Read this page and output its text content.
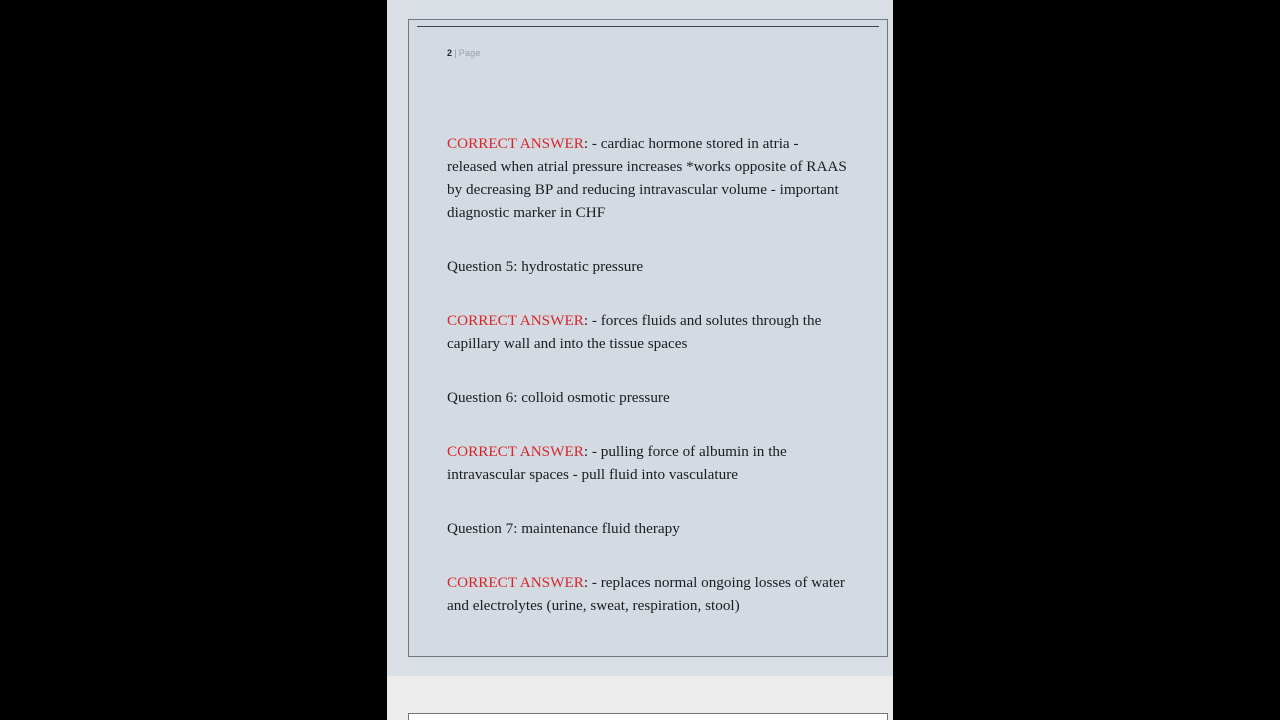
2 | Page

CORRECT ANSWER: - cardiac hormone stored in atria - released when atrial pressure increases *works opposite of RAAS by decreasing BP and reducing intravascular volume - important diagnostic marker in CHF

Question 5: hydrostatic pressure

CORRECT ANSWER: - forces fluids and solutes through the capillary wall and into the tissue spaces

Question 6: colloid osmotic pressure

CORRECT ANSWER: - pulling force of albumin in the intravascular spaces - pull fluid into vasculature

Question 7: maintenance fluid therapy

CORRECT ANSWER: - replaces normal ongoing losses of water and electrolytes (urine, sweat, respiration, stool)
